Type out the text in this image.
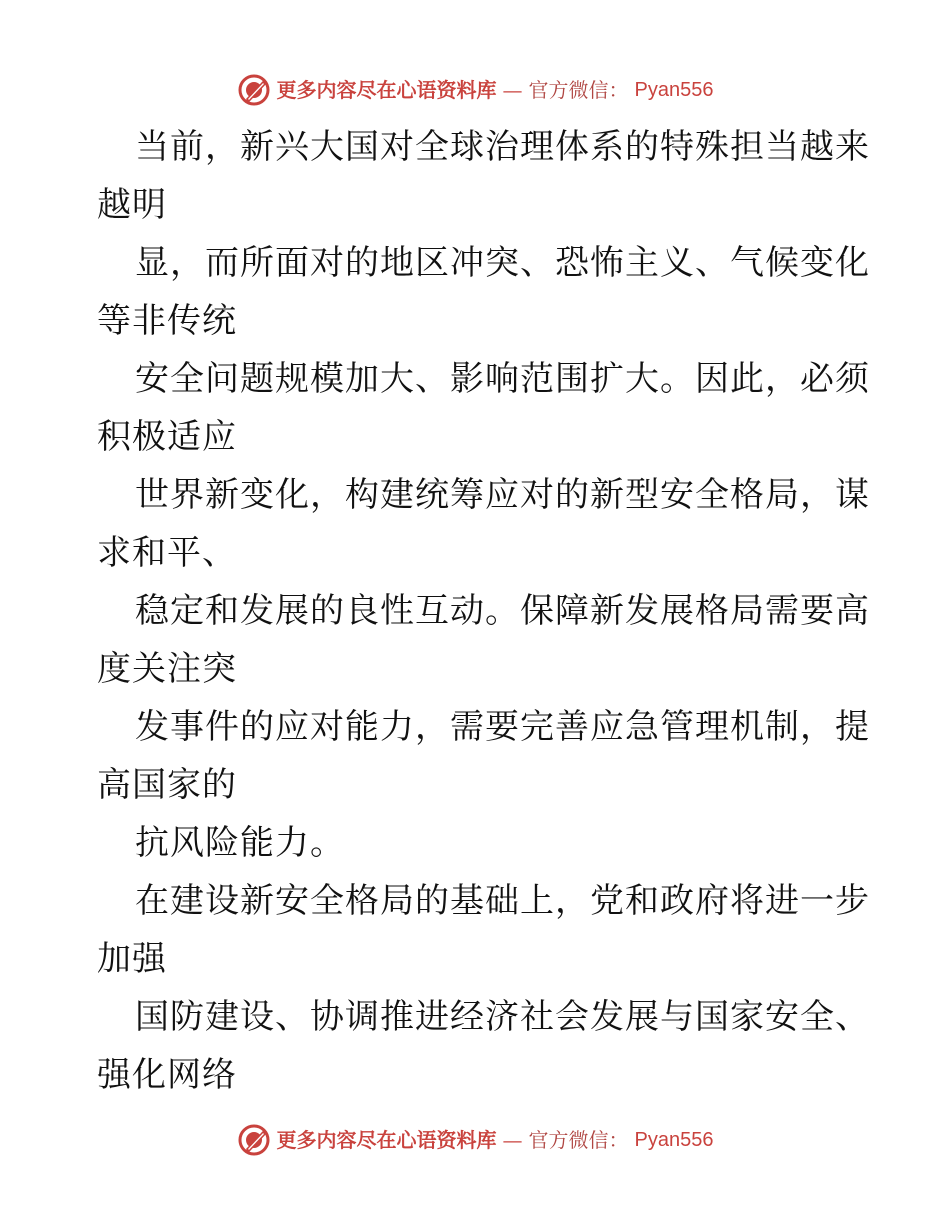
更多内容尽在心语资料库 — 官方微信： Pyan556
当前，新兴大国对全球治理体系的特殊担当越来
越明
显，而所面对的地区冲突、恐怖主义、气候变化
等非传统
安全问题规模加大、影响范围扩大。因此，必须
积极适应
世界新变化，构建统筹应对的新型安全格局，谋
求和平、
稳定和发展的良性互动。保障新发展格局需要高
度关注突
发事件的应对能力，需要完善应急管理机制，提
高国家的
抗风险能力。
在建设新安全格局的基础上，党和政府将进一步
加强
国防建设、协调推进经济社会发展与国家安全、
强化网络
更多内容尽在心语资料库 — 官方微信： Pyan556
